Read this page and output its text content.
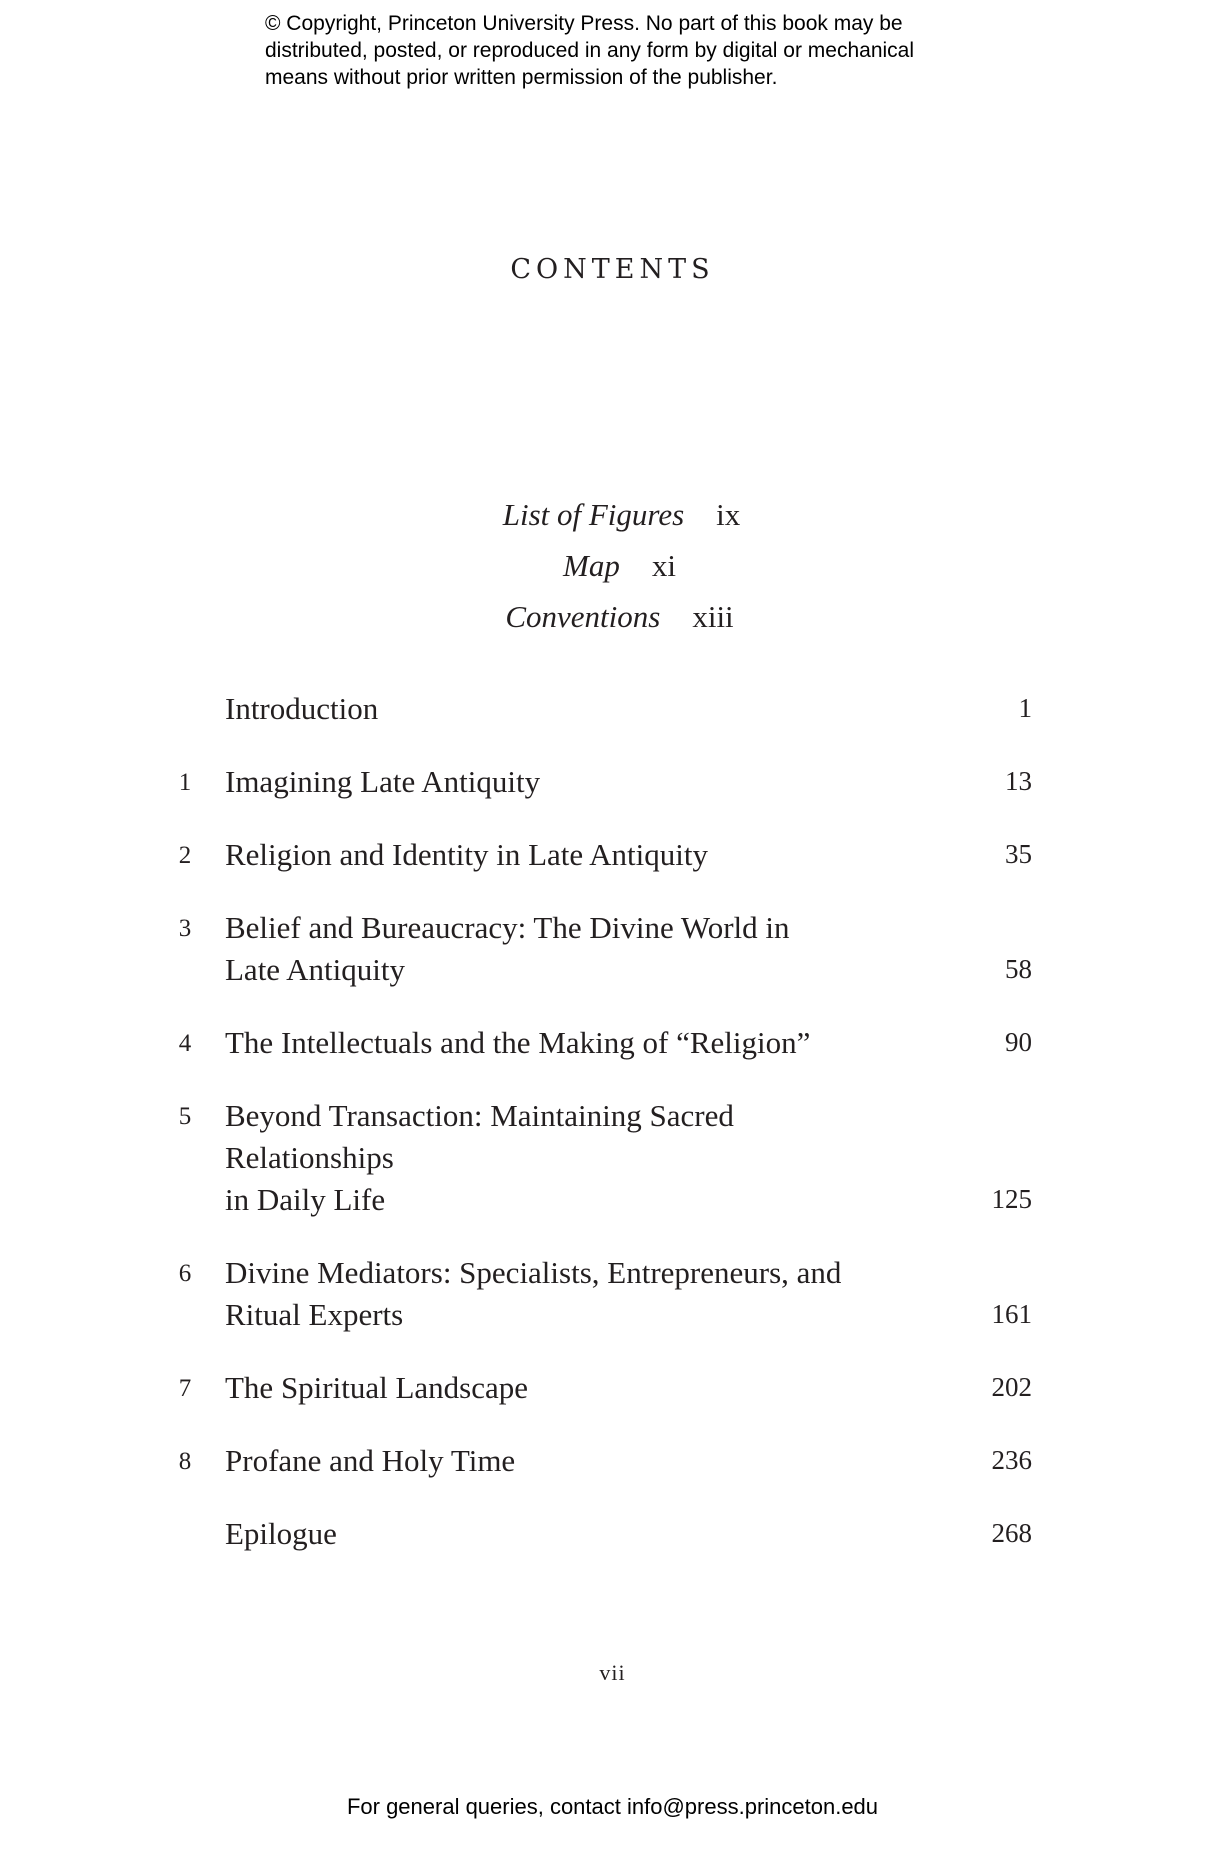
© Copyright, Princeton University Press. No part of this book may be
distributed, posted, or reproduced in any form by digital or mechanical
means without prior written permission of the publisher.
CONTENTS
List of Figures ix
Map xi
Conventions xiii
Introduction	1
1 Imagining Late Antiquity	13
2 Religion and Identity in Late Antiquity	35
3 Belief and Bureaucracy: The Divine World in
Late Antiquity	58
4 The Intellectuals and the Making of “Religion”	90
5 Beyond Transaction: Maintaining Sacred Relationships
in Daily Life	125
6 Divine Mediators: Specialists, Entrepreneurs, and
Ritual Experts	161
7 The Spiritual Landscape	202
8 Profane and Holy Time	236
Epilogue	268
vii
For general queries, contact info@press.princeton.edu
